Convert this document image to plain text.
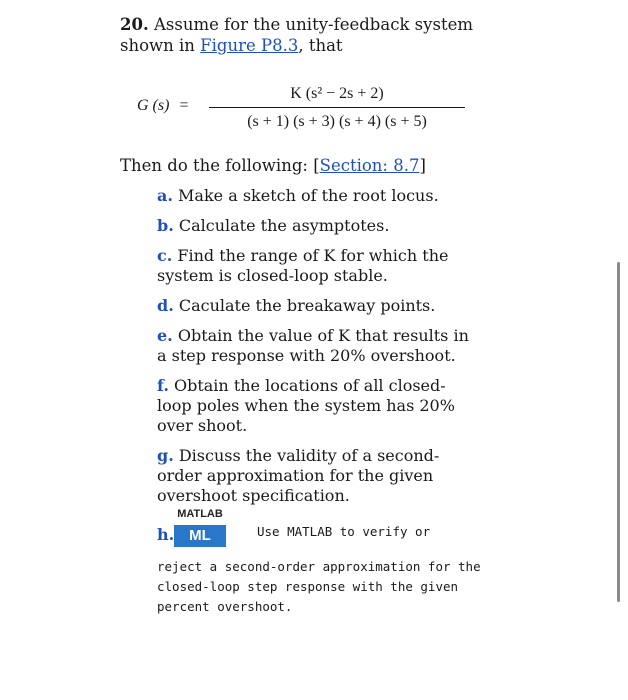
20. Assume for the unity-feedback system shown in Figure P8.3, that
G (s) =
K (s² − 2s + 2)
(s + 1) (s + 3) (s + 4) (s + 5)
Then do the following: [Section: 8.7]
a. Make a sketch of the root locus.
b. Calculate the asymptotes.
c. Find the range of K for which the system is closed-loop stable.
d. Caculate the breakaway points.
e. Obtain the value of K that results in a step response with 20% overshoot.
f. Obtain the locations of all closed-loop poles when the system has 20% over shoot.
g. Discuss the validity of a second-order approximation for the given overshoot specification.
h.
MATLAB
ML	Use MATLAB to verify or
reject a second-order approximation for the closed-loop step response with the given percent overshoot.
